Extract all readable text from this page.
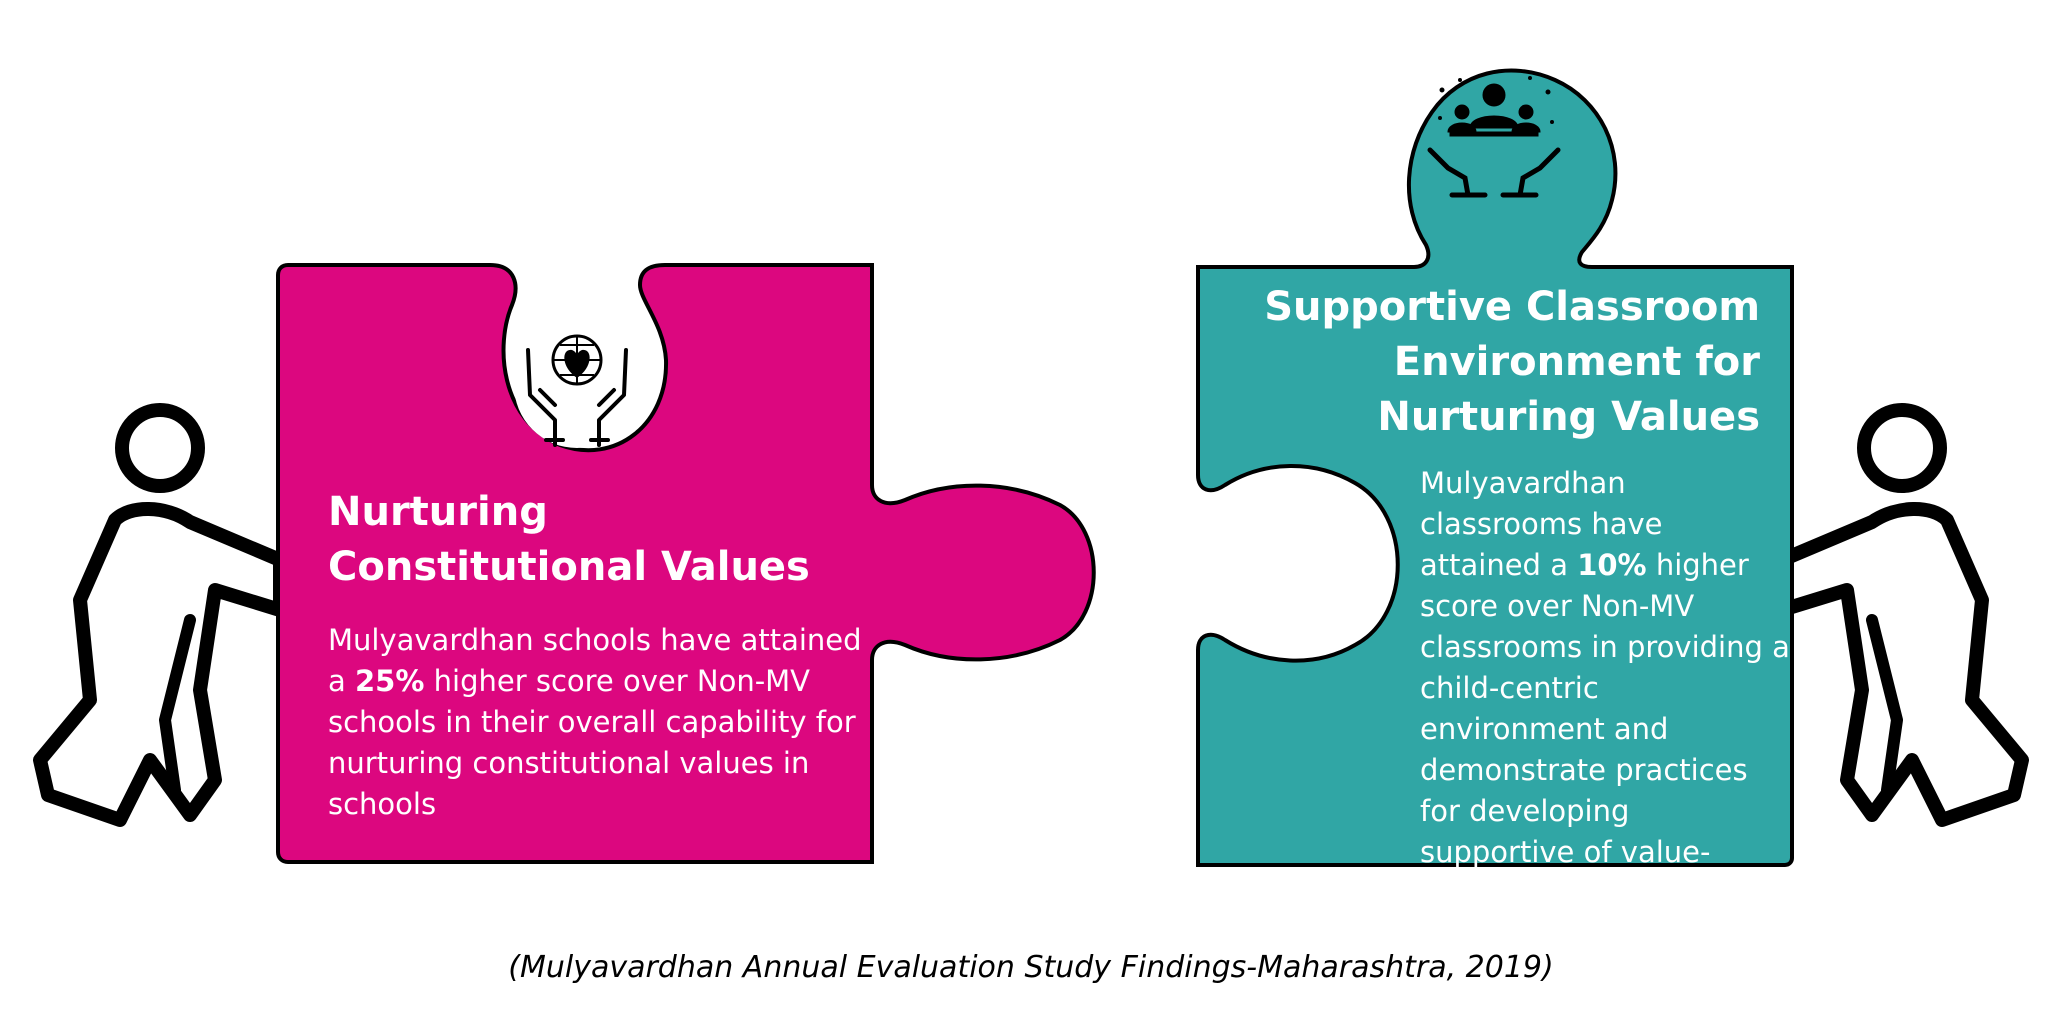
Nurturing Constitutional Values

Mulyavardhan schools have attained a 25% higher score over Non-MV schools in their overall capability for nurturing constitutional values in schools

Supportive Classroom Environment for Nurturing Values

Mulyavardhan classrooms have attained a 10% higher score over Non-MV classrooms in providing a child-centric environment and demonstrate practices for developing supportive of value-related competencies

(Mulyavardhan Annual Evaluation Study Findings-Maharashtra, 2019)
